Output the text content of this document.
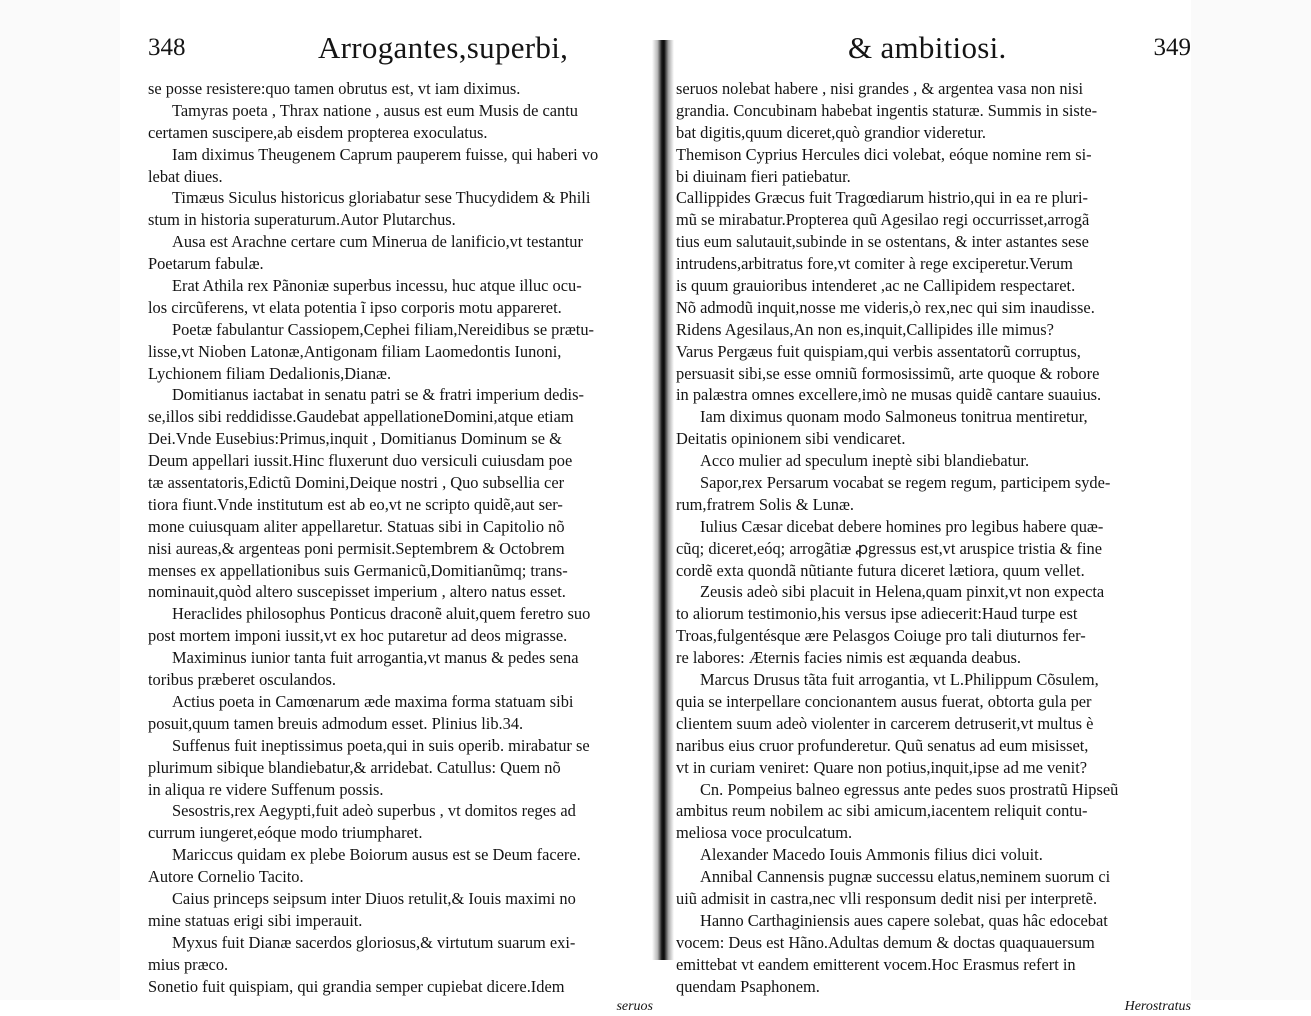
348	Arrogantes,superbi,
se posse resistere:quo tamen obrutus est, vt iam diximus.
Tamyras poeta , Thrax natione , ausus est eum Musis de cantu
certamen suscipere,ab eisdem propterea exoculatus.
Iam diximus Theugenem Caprum pauperem fuisse, qui haberi vo
lebat diues.
Timæus Siculus historicus gloriabatur sese Thucydidem & Phili
stum in historia superaturum.Autor Plutarchus.
Ausa est Arachne certare cum Minerua de lanificio,vt testantur
Poetarum fabulæ.
Erat Athila rex Pãnoniæ superbus incessu, huc atque illuc ocu-
los circũferens, vt elata potentia ĩ ipso corporis motu appareret.
Poetæ fabulantur Cassiopem,Cephei filiam,Nereidibus se prætu-
lisse,vt Nioben Latonæ,Antigonam filiam Laomedontis Iunoni,
Lychionem filiam Dedalionis,Dianæ.
Domitianus iactabat in senatu patri se & fratri imperium dedis-
se,illos sibi reddidisse.Gaudebat appellationeDomini,atque etiam
Dei.Vnde Eusebius:Primus,inquit , Domitianus Dominum se &
Deum appellari iussit.Hinc fluxerunt duo versiculi cuiusdam poe
tæ assentatoris,Edictũ Domini,Deique nostri , Quo subsellia cer
tiora fiunt.Vnde institutum est ab eo,vt ne scripto quidẽ,aut ser-
mone cuiusquam aliter appellaretur. Statuas sibi in Capitolio nõ
nisi aureas,& argenteas poni permisit.Septembrem & Octobrem
menses ex appellationibus suis Germanicũ,Domitianũmq; trans-
nominauit,quòd altero suscepisset imperium , altero natus esset.
Heraclides philosophus Ponticus draconẽ aluit,quem feretro suo
post mortem imponi iussit,vt ex hoc putaretur ad deos migrasse.
Maximinus iunior tanta fuit arrogantia,vt manus & pedes sena
toribus præberet osculandos.
Actius poeta in Camœnarum æde maxima forma statuam sibi
posuit,quum tamen breuis admodum esset. Plinius lib.34.
Suffenus fuit ineptissimus poeta,qui in suis operib. mirabatur se
plurimum sibique blandiebatur,& arridebat. Catullus: Quem nõ
in aliqua re videre Suffenum possis.
Sesostris,rex Aegypti,fuit adeò superbus , vt domitos reges ad
currum iungeret,eóque modo triumpharet.
Mariccus quidam ex plebe Boiorum ausus est se Deum facere.
Autore Cornelio Tacito.
Caius princeps seipsum inter Diuos retulit,& Iouis maximi no
mine statuas erigi sibi imperauit.
Myxus fuit Dianæ sacerdos gloriosus,& virtutum suarum exi-
mius præco.
Sonetio fuit quispiam, qui grandia semper cupiebat dicere.Idem
seruos
& ambitiosi.	349
seruos nolebat habere , nisi grandes , & argentea vasa non nisi
grandia. Concubinam habebat ingentis staturæ. Summis in siste-
bat digitis,quum diceret,quò grandior videretur.
Themison Cyprius Hercules dici volebat, eóque nomine rem si-
bi diuinam fieri patiebatur.
Callippides Græcus fuit Tragœdiarum histrio,qui in ea re pluri-
mũ se mirabatur.Propterea quũ Agesilao regi occurrisset,arrogã
tius eum salutauit,subinde in se ostentans, & inter astantes sese
intrudens,arbitratus fore,vt comiter à rege exciperetur.Verum
is quum grauioribus intenderet ,ac ne Callipidem respectaret.
Nõ admodũ inquit,nosse me videris,ò rex,nec qui sim inaudisse.
Ridens Agesilaus,An non es,inquit,Callipides ille mimus?
Varus Pergæus fuit quispiam,qui verbis assentatorũ corruptus,
persuasit sibi,se esse omniũ formosissimũ, arte quoque & robore
in palæstra omnes excellere,imò ne musas quidẽ cantare suauius.
Iam diximus quonam modo Salmoneus tonitrua mentiretur,
Deitatis opinionem sibi vendicaret.
Acco mulier ad speculum ineptè sibi blandiebatur.
Sapor,rex Persarum vocabat se regem regum, participem syde-
rum,fratrem Solis & Lunæ.
Iulius Cæsar dicebat debere homines pro legibus habere quæ-
cũq; diceret,eóq; arrogãtiæ ꝓgressus est,vt aruspice tristia & fine
cordẽ exta quondã nũtiante futura diceret lætiora, quum vellet.
Zeusis adeò sibi placuit in Helena,quam pinxit,vt non expecta
to aliorum testimonio,his versus ipse adiecerit:Haud turpe est
Troas,fulgentésque ære Pelasgos Coiuge pro tali diuturnos fer-
re labores: Æternis facies nimis est æquanda deabus.
Marcus Drusus tãta fuit arrogantia, vt L.Philippum Cõsulem,
quia se interpellare concionantem ausus fuerat, obtorta gula per
clientem suum adeò violenter in carcerem detruserit,vt multus è
naribus eius cruor profunderetur. Quũ senatus ad eum misisset,
vt in curiam veniret: Quare non potius,inquit,ipse ad me venit?
Cn. Pompeius balneo egressus ante pedes suos prostratũ Hipseũ
ambitus reum nobilem ac sibi amicum,iacentem reliquit contu-
meliosa voce proculcatum.
Alexander Macedo Iouis Ammonis filius dici voluit.
Annibal Cannensis pugnæ successu elatus,neminem suorum ci
uiũ admisit in castra,nec vlli responsum dedit nisi per interpretẽ.
Hanno Carthaginiensis aues capere solebat, quas hâc edocebat
vocem: Deus est Hãno.Adultas demum & doctas quaquauersum
emittebat vt eandem emitterent vocem.Hoc Erasmus refert in
quendam Psaphonem.
Herostratus
